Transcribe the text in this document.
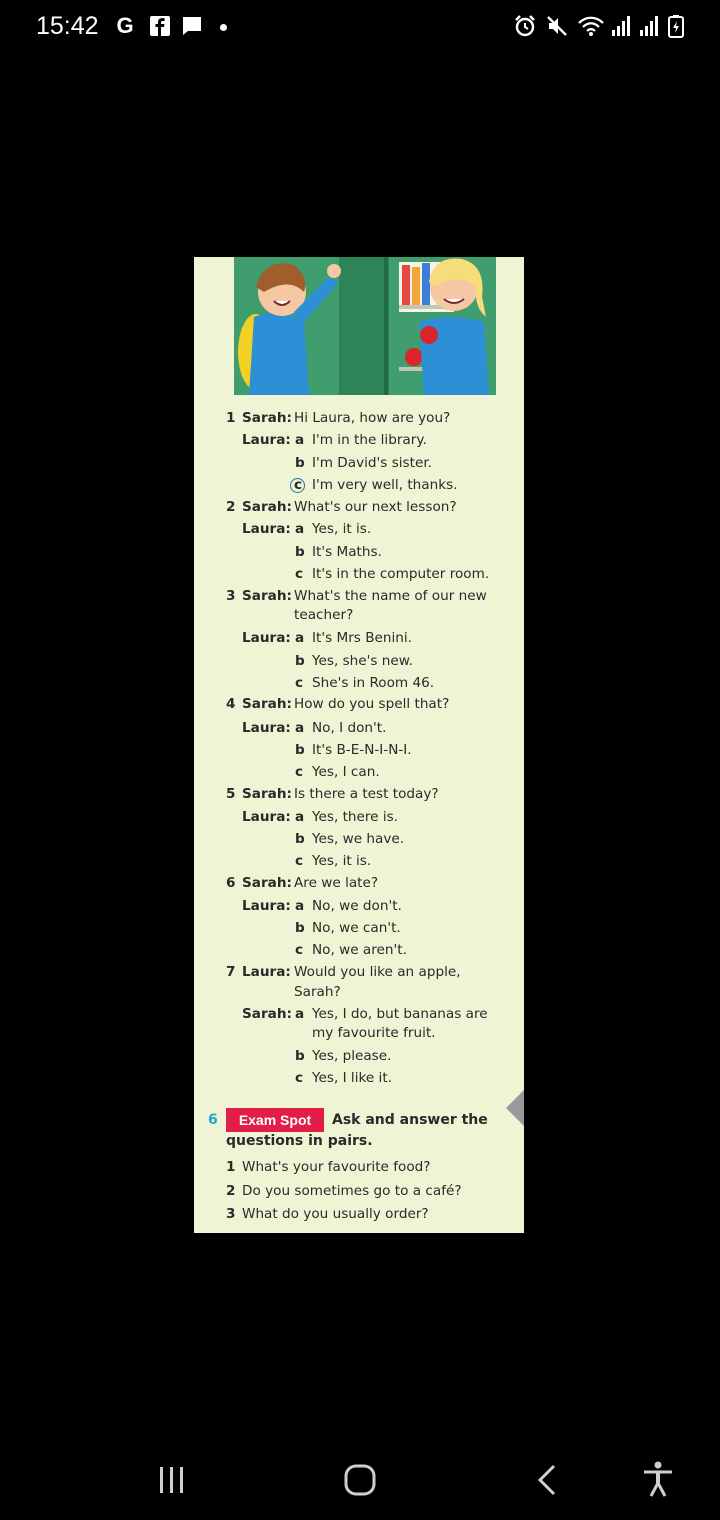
15:42 G
1 Sarah: Hi Laura, how are you?
Laura: a I'm in the library.
b I'm David's sister.
c I'm very well, thanks.
2 Sarah: What's our next lesson?
Laura: a Yes, it is.
b It's Maths.
c It's in the computer room.
3 Sarah: What's the name of our new
teacher?
Laura: a It's Mrs Benini.
b Yes, she's new.
c She's in Room 46.
4 Sarah: How do you spell that?
Laura: a No, I don't.
b It's B-E-N-I-N-I.
c Yes, I can.
5 Sarah: Is there a test today?
Laura: a Yes, there is.
b Yes, we have.
c Yes, it is.
6 Sarah: Are we late?
Laura: a No, we don't.
b No, we can't.
c No, we aren't.
7 Laura: Would you like an apple,
Sarah?
Sarah: a Yes, I do, but bananas are
my favourite fruit.
b Yes, please.
c Yes, I like it.
6	Exam Spot	Ask and answer the
questions in pairs.
1 What's your favourite food?
2 Do you sometimes go to a café?
3 What do you usually order?
